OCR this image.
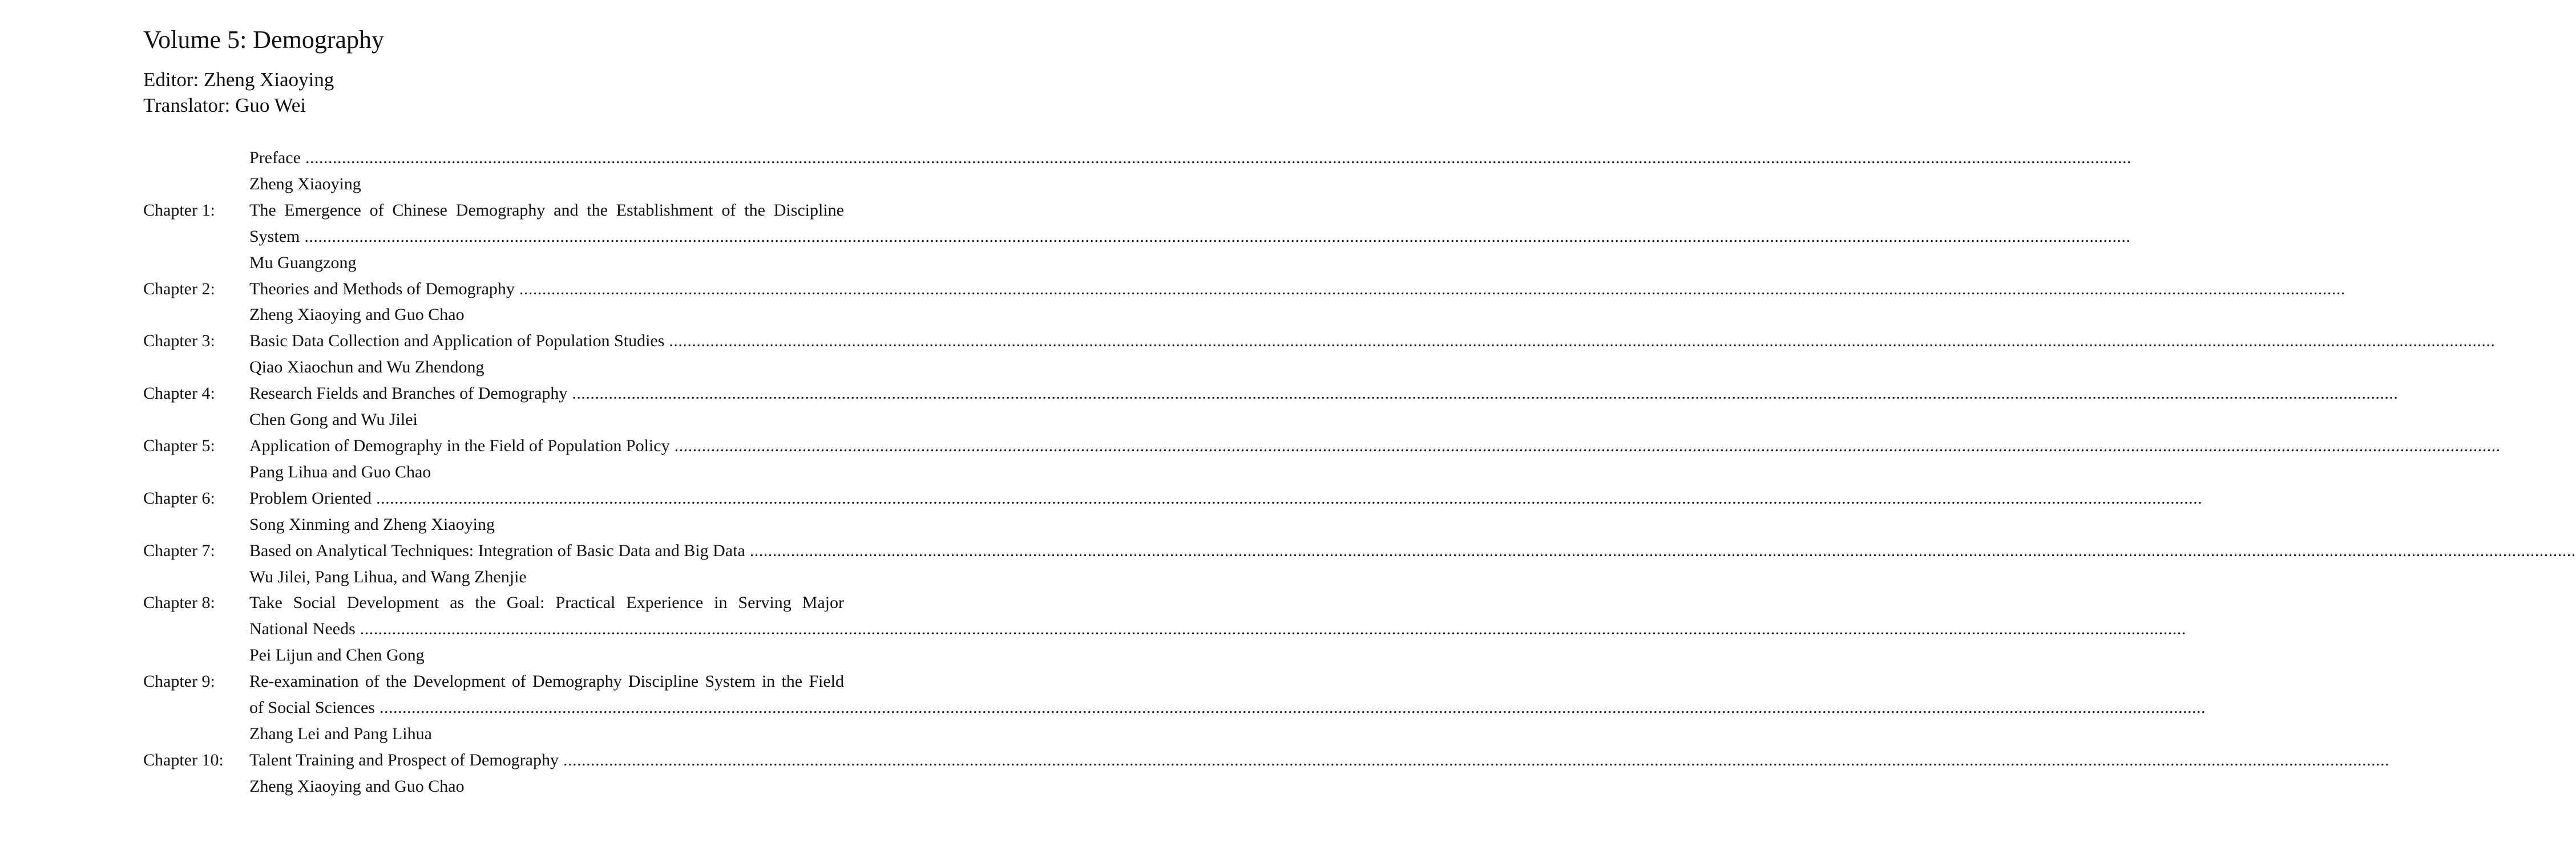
Volume 5: Demography
Editor: Zheng Xiaoying
Translator: Guo Wei
Preface ................................................................................................................................................................................................................................................................................................................................................................................................................
Zheng Xiaoying
Chapter 1:	The Emergence of Chinese Demography and the Establishment of the Discipline
System ................................................................................................................................................................................................................................................................................................................................................................................................................
Mu Guangzong
Chapter 2:	Theories and Methods of Demography ................................................................................................................................................................................................................................................................................................................................................................................................................
Zheng Xiaoying and Guo Chao
Chapter 3:	Basic Data Collection and Application of Population Studies ................................................................................................................................................................................................................................................................................................................................................................................................................
Qiao Xiaochun and Wu Zhendong
Chapter 4:	Research Fields and Branches of Demography ................................................................................................................................................................................................................................................................................................................................................................................................................
Chen Gong and Wu Jilei
Chapter 5:	Application of Demography in the Field of Population Policy ................................................................................................................................................................................................................................................................................................................................................................................................................
Pang Lihua and Guo Chao
Chapter 6:	Problem Oriented ................................................................................................................................................................................................................................................................................................................................................................................................................
Song Xinming and Zheng Xiaoying
Chapter 7:	Based on Analytical Techniques: Integration of Basic Data and Big Data ................................................................................................................................................................................................................................................................................................................................................................................................................
Wu Jilei, Pang Lihua, and Wang Zhenjie
Chapter 8:	Take Social Development as the Goal: Practical Experience in Serving Major
National Needs ................................................................................................................................................................................................................................................................................................................................................................................................................
Pei Lijun and Chen Gong
Chapter 9:	Re-examination of the Development of Demography Discipline System in the Field
of Social Sciences ................................................................................................................................................................................................................................................................................................................................................................................................................
Zhang Lei and Pang Lihua
Chapter 10:	Talent Training and Prospect of Demography ................................................................................................................................................................................................................................................................................................................................................................................................................
Zheng Xiaoying and Guo Chao
